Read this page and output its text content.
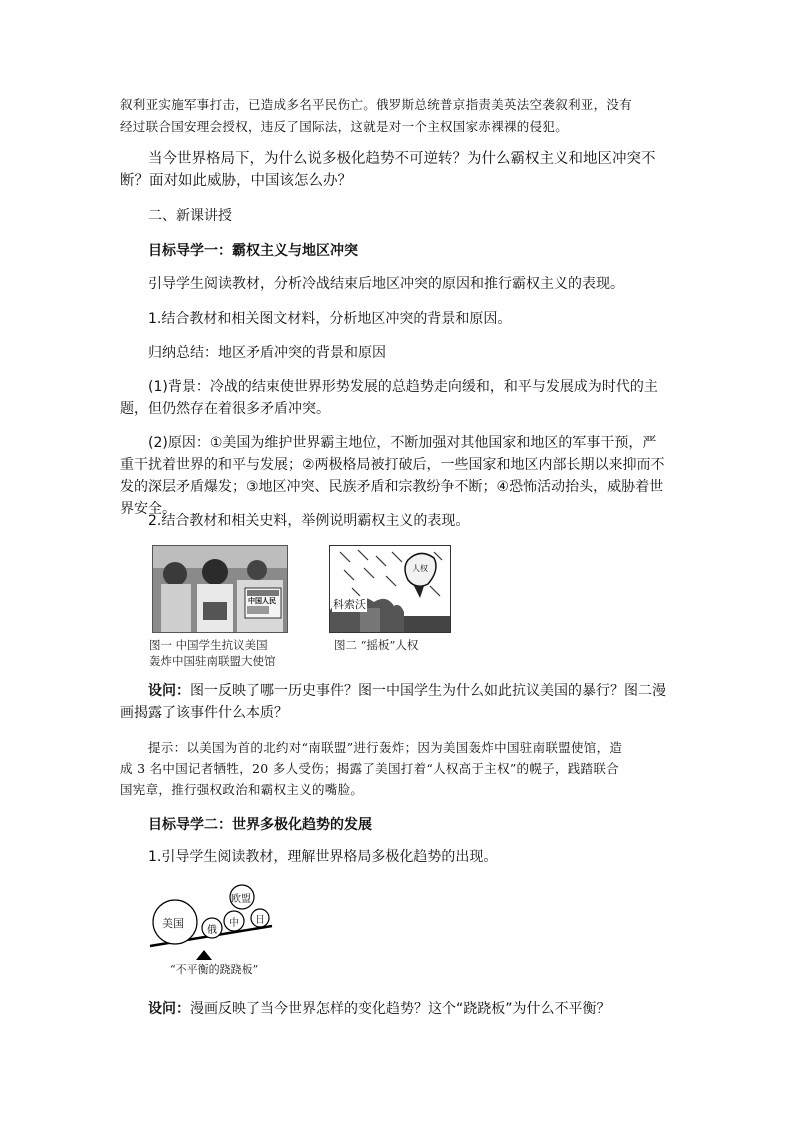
叙利亚实施军事打击，已造成多名平民伤亡。俄罗斯总统普京指责美英法空袭叙利亚，没有

经过联合国安理会授权，违反了国际法，这就是对一个主权国家赤裸裸的侵犯。

当今世界格局下，为什么说多极化趋势不可逆转？为什么霸权主义和地区冲突不断？面对如此威胁，中国该怎么办？

二、新课讲授

目标导学一：霸权主义与地区冲突

引导学生阅读教材，分析冷战结束后地区冲突的原因和推行霸权主义的表现。

1.结合教材和相关图文材料，分析地区冲突的背景和原因。

归纳总结：地区矛盾冲突的背景和原因

(1)背景：冷战的结束使世界形势发展的总趋势走向缓和，和平与发展成为时代的主题，但仍然存在着很多矛盾冲突。

(2)原因：①美国为维护世界霸主地位，不断加强对其他国家和地区的军事干预，严重干扰着世界的和平与发展；②两极格局被打破后，一些国家和地区内部长期以来抑而不发的深层矛盾爆发；③地区冲突、民族矛盾和宗教纷争不断；④恐怖活动抬头，威胁着世界安全。

2.结合教材和相关史料，举例说明霸权主义的表现。

中国人民
图一 中国学生抗议美国
轰炸中国驻南联盟大使馆
人权
科索沃
图二 “摇板”人权

设问：图一反映了哪一历史事件？图一中国学生为什么如此抗议美国的暴行？图二漫画揭露了该事件什么本质？

提示：以美国为首的北约对“南联盟”进行轰炸；因为美国轰炸中国驻南联盟使馆，造

成 3 名中国记者牺牲，20 多人受伤；揭露了美国打着“人权高于主权”的幌子，践踏联合

国宪章，推行强权政治和霸权主义的嘴脸。

目标导学二：世界多极化趋势的发展

1.引导学生阅读教材，理解世界格局多极化趋势的出现。

美国
俄
中 日
欧盟
“不平衡的跷跷板”

设问：漫画反映了当今世界怎样的变化趋势？这个“跷跷板”为什么不平衡？
